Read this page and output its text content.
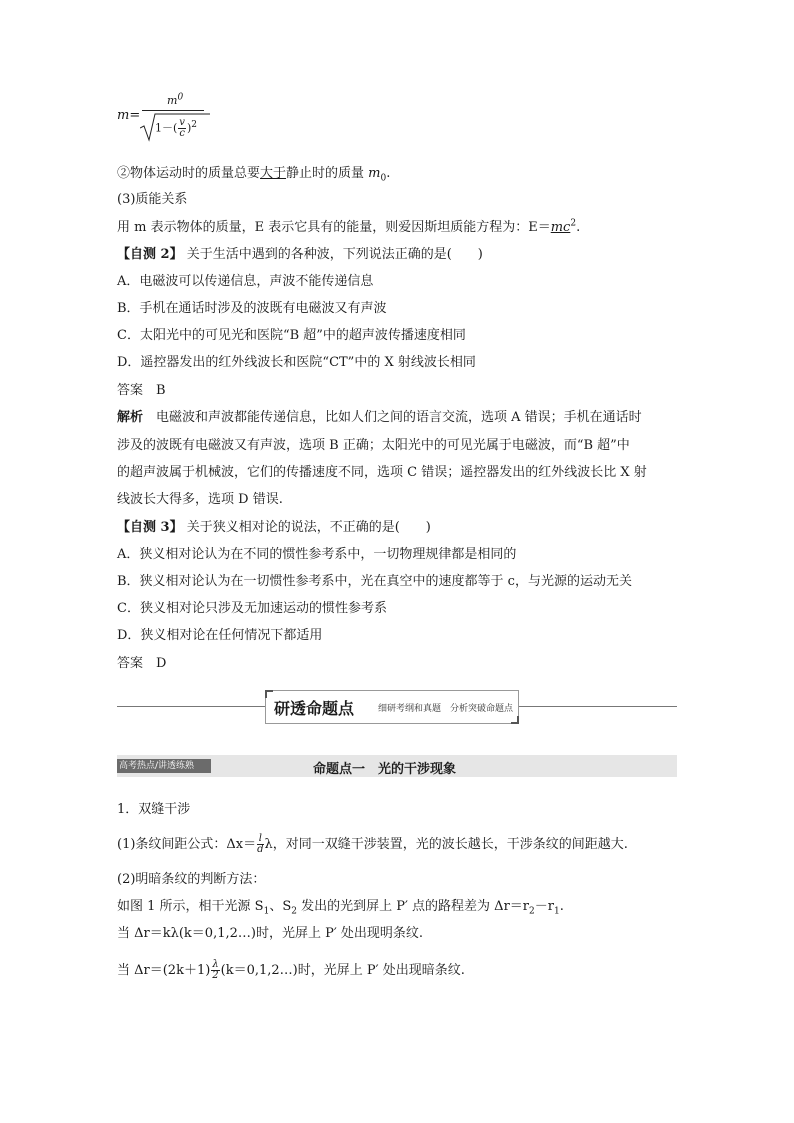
m=
$m^0$
$1-( \frac{v}{c} )^2$
②物体运动时的质量总要大于静止时的质量 $m_0$.
(3)质能关系
用 m 表示物体的质量，E 表示它具有的能量，则爱因斯坦质能方程为：$E=mc^2$.
【自测 2】 关于生活中遇到的各种波，下列说法正确的是(　　)
A．电磁波可以传递信息，声波不能传递信息
B．手机在通话时涉及的波既有电磁波又有声波
C．太阳光中的可见光和医院“B 超”中的超声波传播速度相同
D．遥控器发出的红外线波长和医院“CT”中的 X 射线波长相同
答案　B
解析　电磁波和声波都能传递信息，比如人们之间的语言交流，选项 A 错误；手机在通话时
涉及的波既有电磁波又有声波，选项 B 正确；太阳光中的可见光属于电磁波，而“B 超”中
的超声波属于机械波，它们的传播速度不同，选项 C 错误；遥控器发出的红外线波长比 X 射
线波长大得多，选项 D 错误.
【自测 3】 关于狭义相对论的说法，不正确的是(　　)
A．狭义相对论认为在不同的惯性参考系中，一切物理规律都是相同的
B．狭义相对论认为在一切惯性参考系中，光在真空中的速度都等于 c，与光源的运动无关
C．狭义相对论只涉及无加速运动的惯性参考系
D．狭义相对论在任何情况下都适用
答案　D
研透命题点	细研考纲和真题　分析突破命题点
高考热点/讲透练熟	命题点一　光的干涉现象
1．双缝干涉
(1)条纹间距公式：$\Delta x= \frac{l}{d}$ λ，对同一双缝干涉装置，光的波长越长，干涉条纹的间距越大.
(2)明暗条纹的判断方法：
如图 1 所示，相干光源 $S_1$、$S_2$ 发出的光到屏上 P′ 点的路程差为 $\Delta r=r_2-r_1$.
当 Δr＝kλ(k＝0,1,2…)时，光屏上 P′ 处出现明条纹.
当 $\Delta r=(2k+1) \frac{\lambda}{2}$ (k＝0,1,2…)时，光屏上 P′ 处出现暗条纹.
